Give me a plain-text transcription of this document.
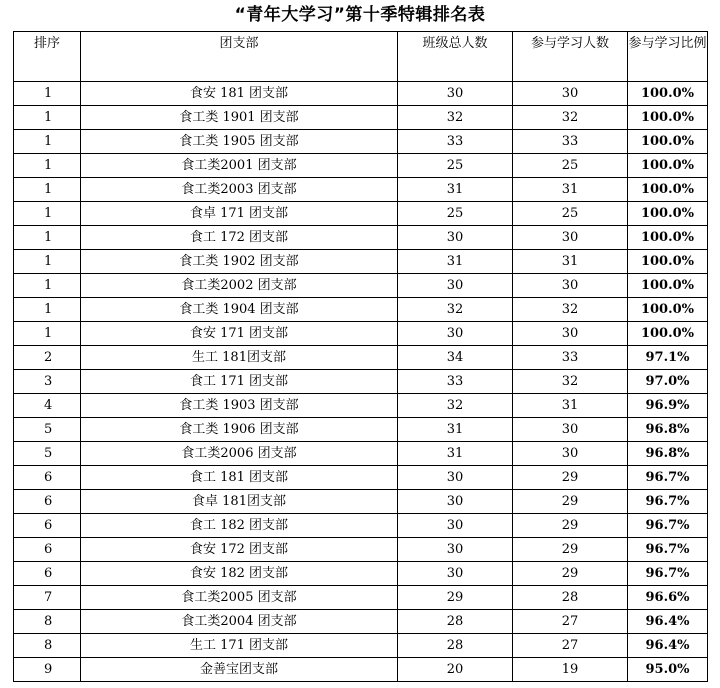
“青年大学习”第十季特辑排名表
排序	团支部	班级总人数	参与学习人数	参与学习比例
1	食安 181 团支部	30	30	100.0%
1	食工类 1901 团支部	32	32	100.0%
1	食工类 1905 团支部	33	33	100.0%
1	食工类2001 团支部	25	25	100.0%
1	食工类2003 团支部	31	31	100.0%
1	食卓 171 团支部	25	25	100.0%
1	食工 172 团支部	30	30	100.0%
1	食工类 1902 团支部	31	31	100.0%
1	食工类2002 团支部	30	30	100.0%
1	食工类 1904 团支部	32	32	100.0%
1	食安 171 团支部	30	30	100.0%
2	生工 181团支部	34	33	97.1%
3	食工 171 团支部	33	32	97.0%
4	食工类 1903 团支部	32	31	96.9%
5	食工类 1906 团支部	31	30	96.8%
5	食工类2006 团支部	31	30	96.8%
6	食工 181 团支部	30	29	96.7%
6	食卓 181团支部	30	29	96.7%
6	食工 182 团支部	30	29	96.7%
6	食安 172 团支部	30	29	96.7%
6	食安 182 团支部	30	29	96.7%
7	食工类2005 团支部	29	28	96.6%
8	食工类2004 团支部	28	27	96.4%
8	生工 171 团支部	28	27	96.4%
9	金善宝团支部	20	19	95.0%
